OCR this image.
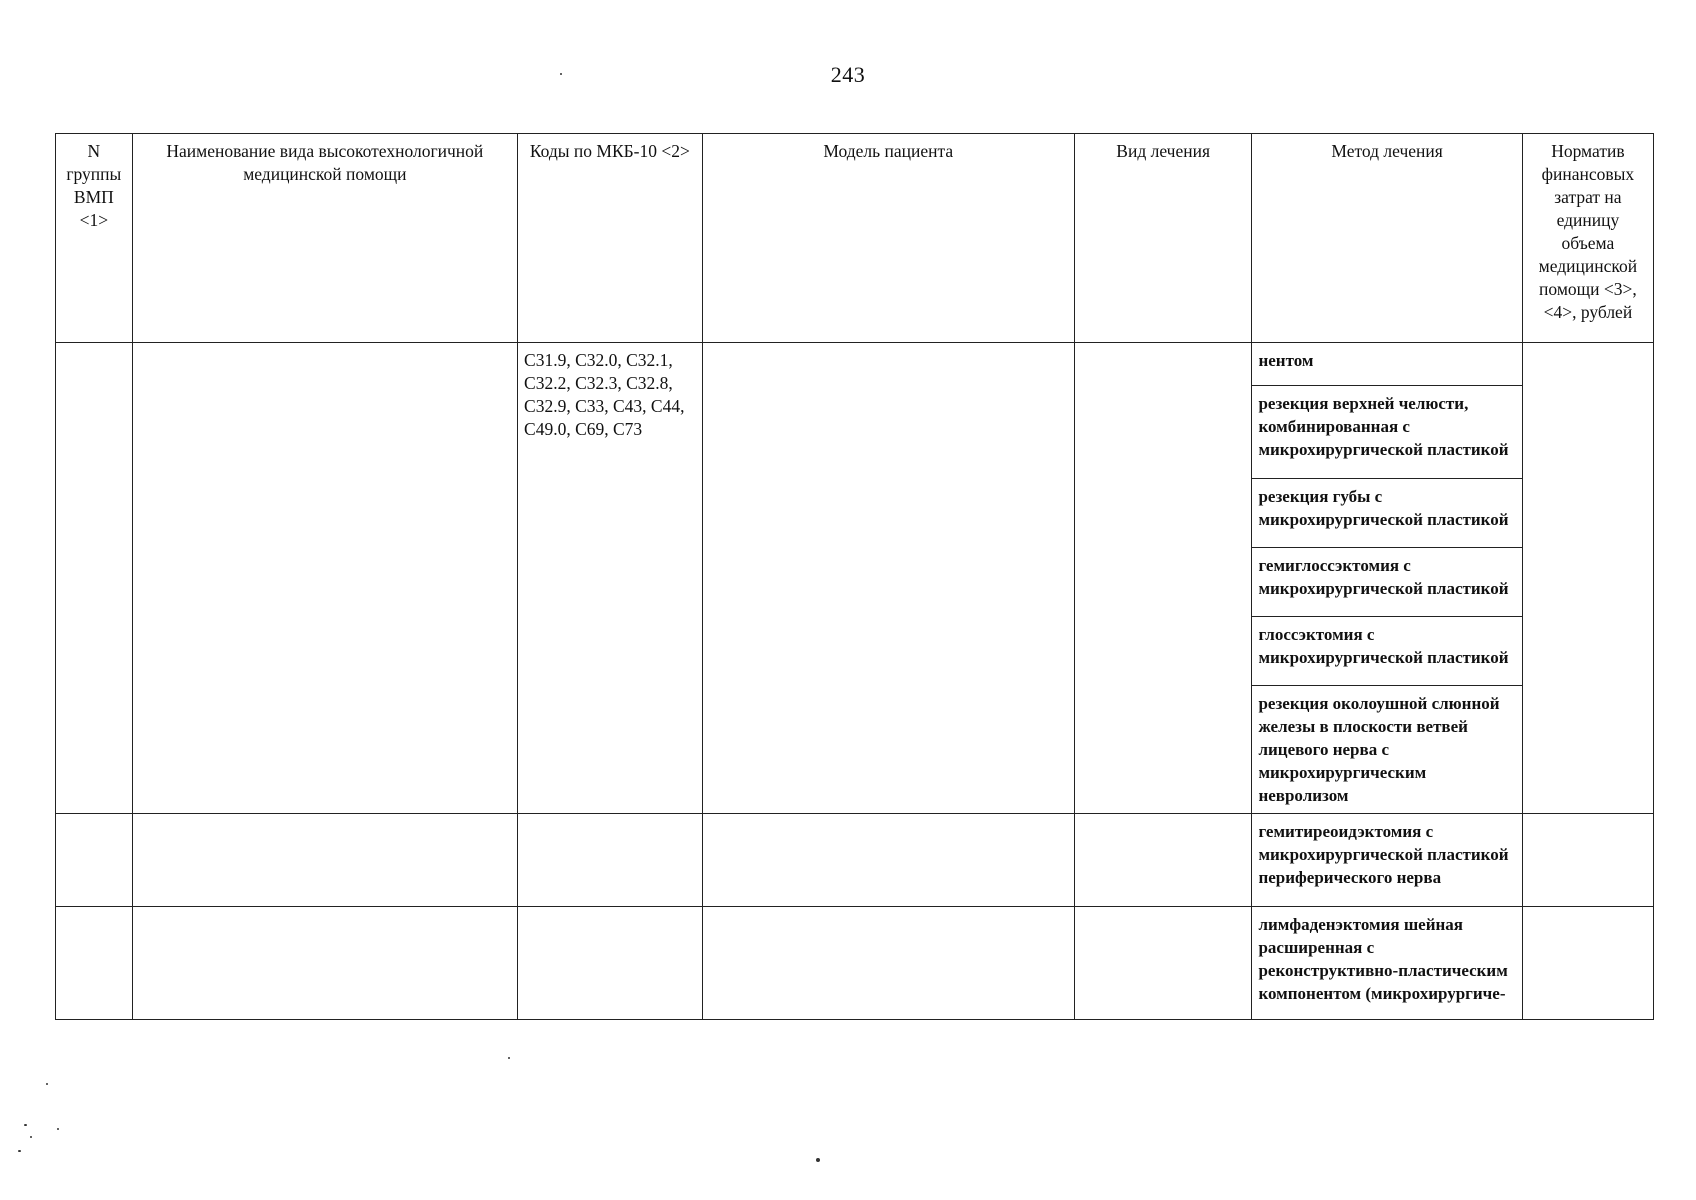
243
N группы ВМП <1>	Наименование вида высокотехнологичной медицинской помощи	Коды по МКБ-10 <2>	Модель пациента	Вид лечения	Метод лечения	Норматив финансовых затрат на единицу объема медицинской помощи <3>, <4>, рублей
		C31.9, C32.0, C32.1, C32.2, C32.3, C32.8, C32.9, C33, C43, C44, C49.0, C69, C73			нентом	
					резекция верхней челюсти, комбинированная с микрохирургической пластикой	
					резекция губы с микрохирургической пластикой	
					гемиглоссэктомия с микрохирургической пластикой	
					глоссэктомия с микрохирургической пластикой	
					резекция околоушной слюнной железы в плоскости ветвей лицевого нерва с микрохирургическим невролизом	
					гемитиреоидэктомия с микрохирургической пластикой периферического нерва	
					лимфаденэктомия шейная расширенная с реконструктивно-пластическим компонентом (микрохирургиче-	
